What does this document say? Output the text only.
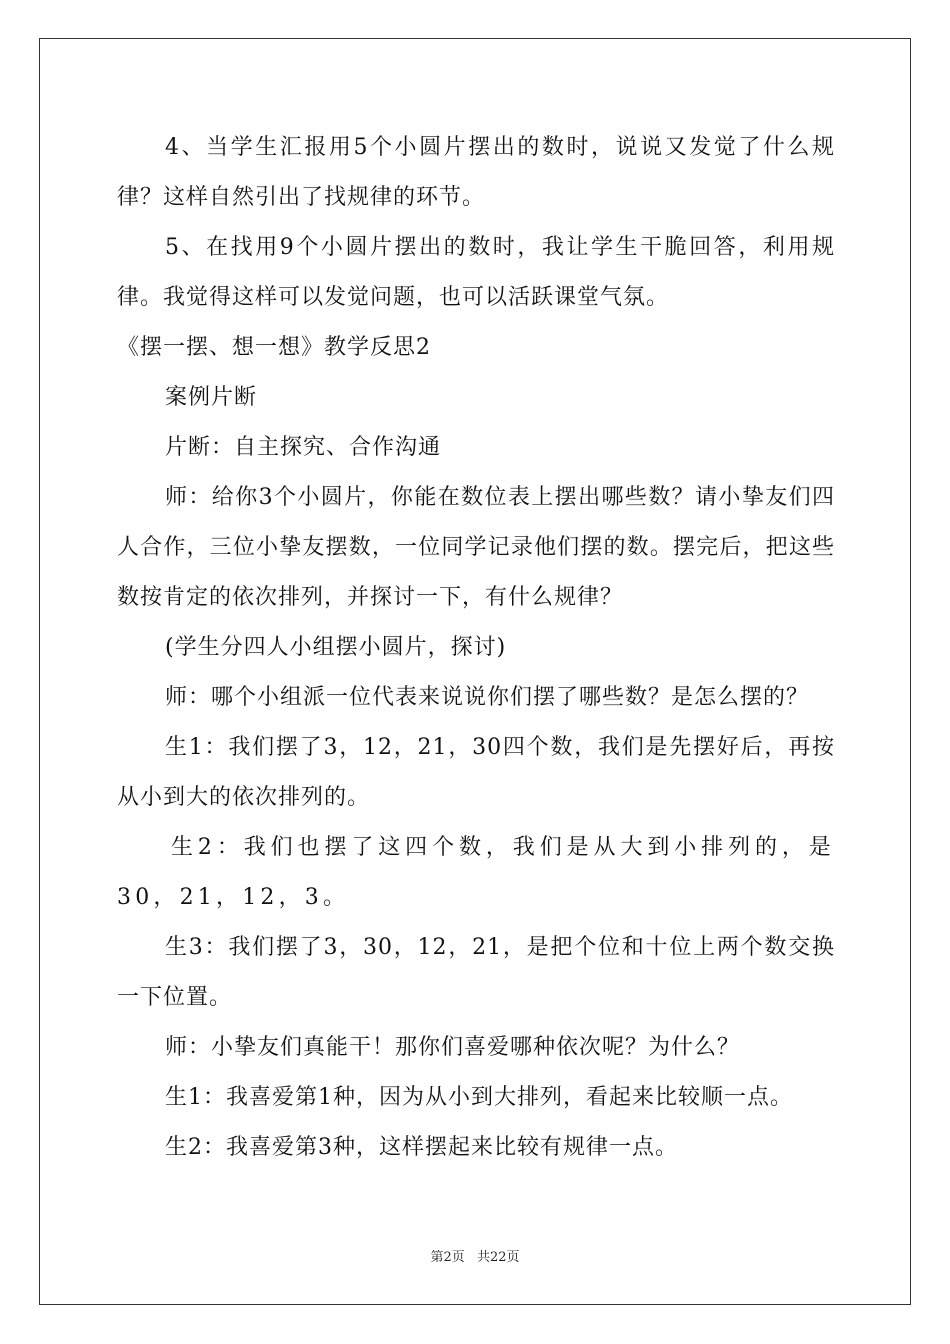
4、当学生汇报用5个小圆片摆出的数时，说说又发觉了什么规律？这样自然引出了找规律的环节。

5、在找用9个小圆片摆出的数时，我让学生干脆回答，利用规律。我觉得这样可以发觉问题，也可以活跃课堂气氛。

《摆一摆、想一想》教学反思2

案例片断

片断：自主探究、合作沟通

师：给你3个小圆片，你能在数位表上摆出哪些数？请小挚友们四人合作，三位小挚友摆数，一位同学记录他们摆的数。摆完后，把这些数按肯定的依次排列，并探讨一下，有什么规律？

(学生分四人小组摆小圆片，探讨)

师：哪个小组派一位代表来说说你们摆了哪些数？是怎么摆的？

生1：我们摆了3，12，21，30四个数，我们是先摆好后，再按从小到大的依次排列的。

生2：我们也摆了这四个数，我们是从大到小排列的，是30，21，12，3。

生3：我们摆了3，30，12，21，是把个位和十位上两个数交换一下位置。

师：小挚友们真能干！那你们喜爱哪种依次呢？为什么？

生1：我喜爱第1种，因为从小到大排列，看起来比较顺一点。

生2：我喜爱第3种，这样摆起来比较有规律一点。

第2页 共22页
